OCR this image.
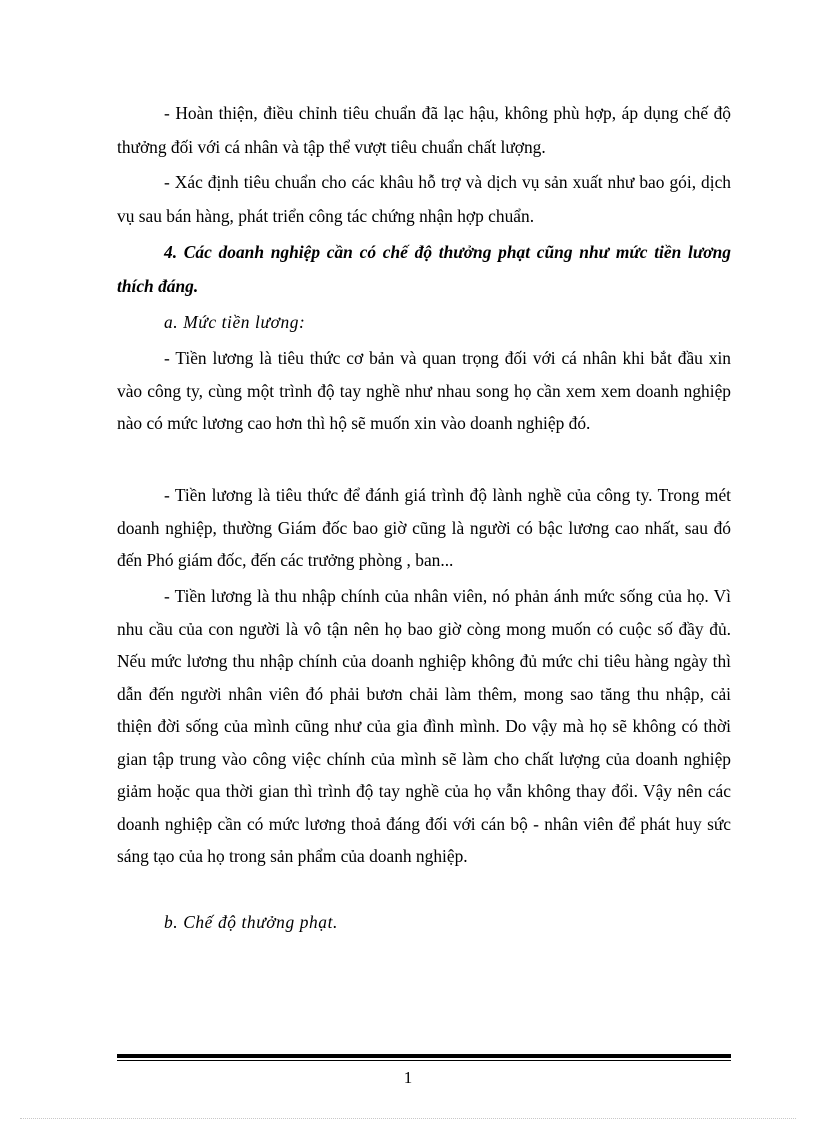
- Hoàn thiện, điều chỉnh tiêu chuẩn đã lạc hậu, không phù hợp, áp dụng chế độ thưởng đối với cá nhân và tập thể vượt tiêu chuẩn chất lượng.

- Xác định tiêu chuẩn cho các khâu hỗ trợ và dịch vụ sản xuất như bao gói, dịch vụ sau bán hàng, phát triển công tác chứng nhận hợp chuẩn.

4. Các doanh nghiệp cần có chế độ thưởng phạt cũng như mức tiền lương thích đáng.

a. Mức tiền lương:

- Tiền lương là tiêu thức cơ bản và quan trọng đối với cá nhân khi bắt đầu xin vào công ty, cùng một trình độ tay nghề như nhau song họ cần xem xem doanh nghiệp nào có mức lương cao hơn thì hộ sẽ muốn xin vào doanh nghiệp đó.

- Tiền lương là tiêu thức để đánh giá trình độ lành nghề của công ty. Trong mét doanh nghiệp, thường Giám đốc bao giờ cũng là người có bậc lương cao nhất, sau đó đến Phó giám đốc, đến các trưởng phòng , ban...

- Tiền lương là thu nhập chính của nhân viên, nó phản ánh mức sống của họ. Vì nhu cầu của con người là vô tận nên họ bao giờ còng mong muốn có cuộc số đầy đủ. Nếu mức lương thu nhập chính của doanh nghiệp không đủ mức chi tiêu hàng ngày thì dẫn đến người nhân viên đó phải bươn chải làm thêm, mong sao tăng thu nhập, cải thiện đời sống của mình cũng như của gia đình mình. Do vậy mà họ sẽ không có thời gian tập trung vào công việc chính của mình sẽ làm cho chất lượng của doanh nghiệp giảm hoặc qua thời gian thì trình độ tay nghề của họ vẫn không thay đổi. Vậy nên các doanh nghiệp cần có mức lương thoả đáng đối với cán bộ - nhân viên để phát huy sức sáng tạo của họ trong sản phẩm của doanh nghiệp.

b. Chế độ thưởng phạt.

1
